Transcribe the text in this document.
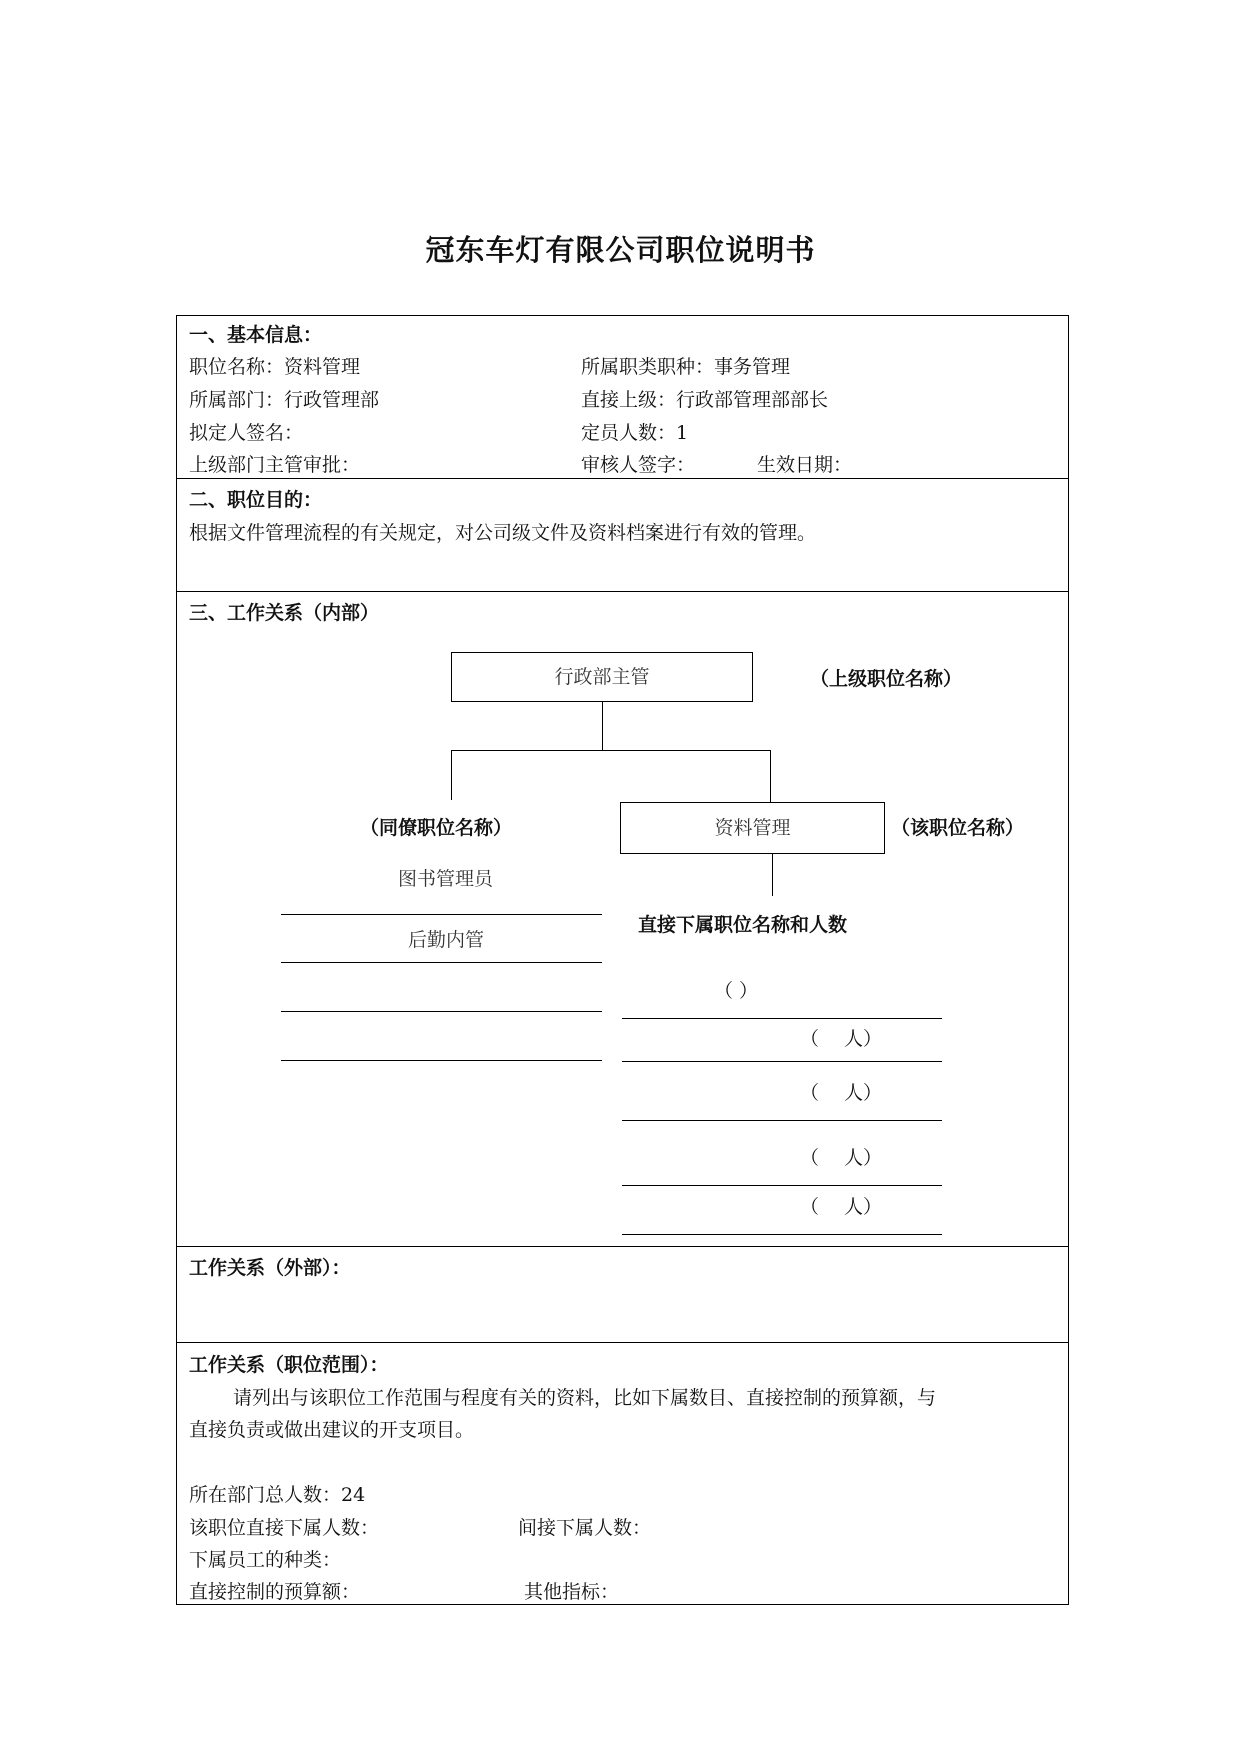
冠东车灯有限公司职位说明书
一、基本信息：
职位名称：资料管理	所属职类职种：事务管理
所属部门：行政管理部	直接上级：行政部管理部部长
拟定人签名：	定员人数：1
上级部门主管审批：	审核人签字：	生效日期：
二、职位目的：
根据文件管理流程的有关规定，对公司级文件及资料档案进行有效的管理。
三、工作关系（内部）
行政部主管	（上级职位名称）
（同僚职位名称）	资料管理	（该职位名称）
图书管理员
后勤内管
直接下属职位名称和人数
（ ）
（　 人）
（　 人）
（　 人）
（　 人）
工作关系（外部）：
工作关系（职位范围）：
请列出与该职位工作范围与程度有关的资料，比如下属数目、直接控制的预算额，与
直接负责或做出建议的开支项目。
所在部门总人数：24
该职位直接下属人数：	间接下属人数：
下属员工的种类：
直接控制的预算额：	其他指标：
